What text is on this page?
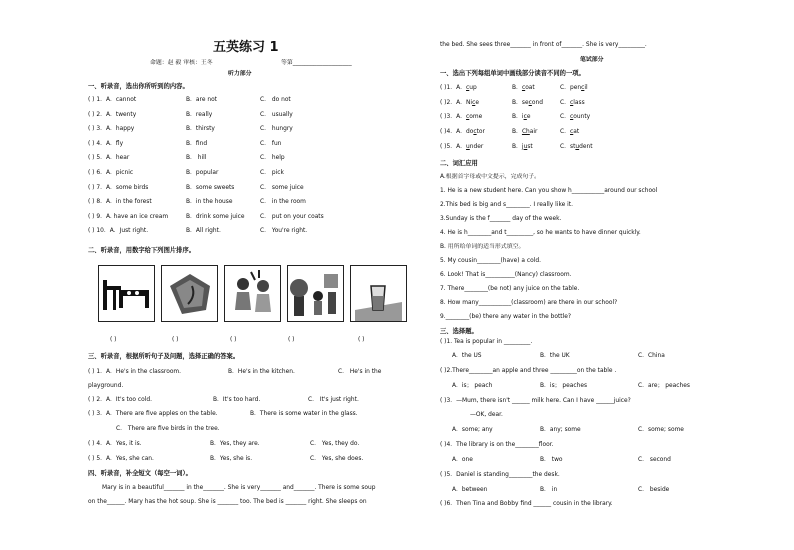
五英练习 1
命题：赵 毅 审核：王冬	等第____________________
听力部分
一、听录音，选出你所听到的内容。
( ) 1．A．cannot	B．are not	C． do not
( ) 2．A．twenty	B．really	C． usually
( ) 3．A．happy	B．thirsty	C． hungry
( ) 4．A．fly	B．find	C． fun
( ) 5．A．hear	B． hill	C． help
( ) 6．A．picnic	B．popular	C． pick
( ) 7．A．some birds	B．some sweets	C． some juice
( ) 8．A．in the forest	B．in the house	C． in the room
( ) 9．A. have an ice cream	B．drink some juice	C． put on your coats
( ) 10．A．Just right.	B．All right.	C． You're right.
二、听录音，用数字给下列图片排序。
( )	( )	( )	( )	( )
三、听录音，根据所听句子及问题，选择正确的答案。
( ) 1．A．He's in the classroom.	B．He's in the kitchen.	C． He's in the
playground.
( ) 2．A．It's too cold.	B．It's too hard.	C． It's just right.
( ) 3．A．There are five apples on the table.	B．There is some water in the glass.
C． There are five birds in the tree.
( ) 4．A．Yes, it is.	B．Yes, they are.	C． Yes, they do.
( ) 5．A．Yes, she can.	B．Yes, she is.	C． Yes, she does.
四、听录音，补全短文（每空一词）。
Mary is in a beautiful_______ in the_______. She is very_______ and_______. There is some soup
on the______. Mary has the hot soup. She is _______ too. The bed is _______ right. She sleeps on
the bed. She sees three_______ in front of_______. She is very_________.
笔试部分
一、选出下列每组单词中画线部分读音不同的一项。
( )1．A．cup	B．coat	C．pencil
( )2．A．Nice	B．second	C．class
( )3．A．come	B．ice	C．county
( )4．A．doctor	B．Chair	C．cat
( )5．A．under	B．just	C．student
二、词汇应用
A.根据首字母或中文提示，完成句子。
1. He is a new student here. Can you show h___________around our school
2.This bed is big and s________. I really like it.
3.Sunday is the f_______ day of the week.
4. He is h________and t_________, so he wants to have dinner quickly.
B. 用所给单词的适当形式填空。
5. My cousin________(have) a cold.
6. Look! That is__________(Nancy) classroom.
7. There________(be not) any juice on the table.
8. How many___________(classroom) are there in our school?
9.________(be) there any water in the bottle?
三、选择题。
( )1. Tea is popular in _________.
A．the US	B．the UK	C．China
( )2.There________an apple and three _________on the table .
A．is； peach	B．is； peaches	C．are； peaches
( )3．—Mum, there isn't ______ milk here. Can I have ______juice?
—OK, dear.
A．some; any	B．any; some	C．some; some
( )4．The library is on the________floor.
A．one	B． two	C． second
( )5．Daniel is standing________the desk.
A．between	B． in	C． beside
( )6．Then Tina and Bobby find ______ cousin in the library.
